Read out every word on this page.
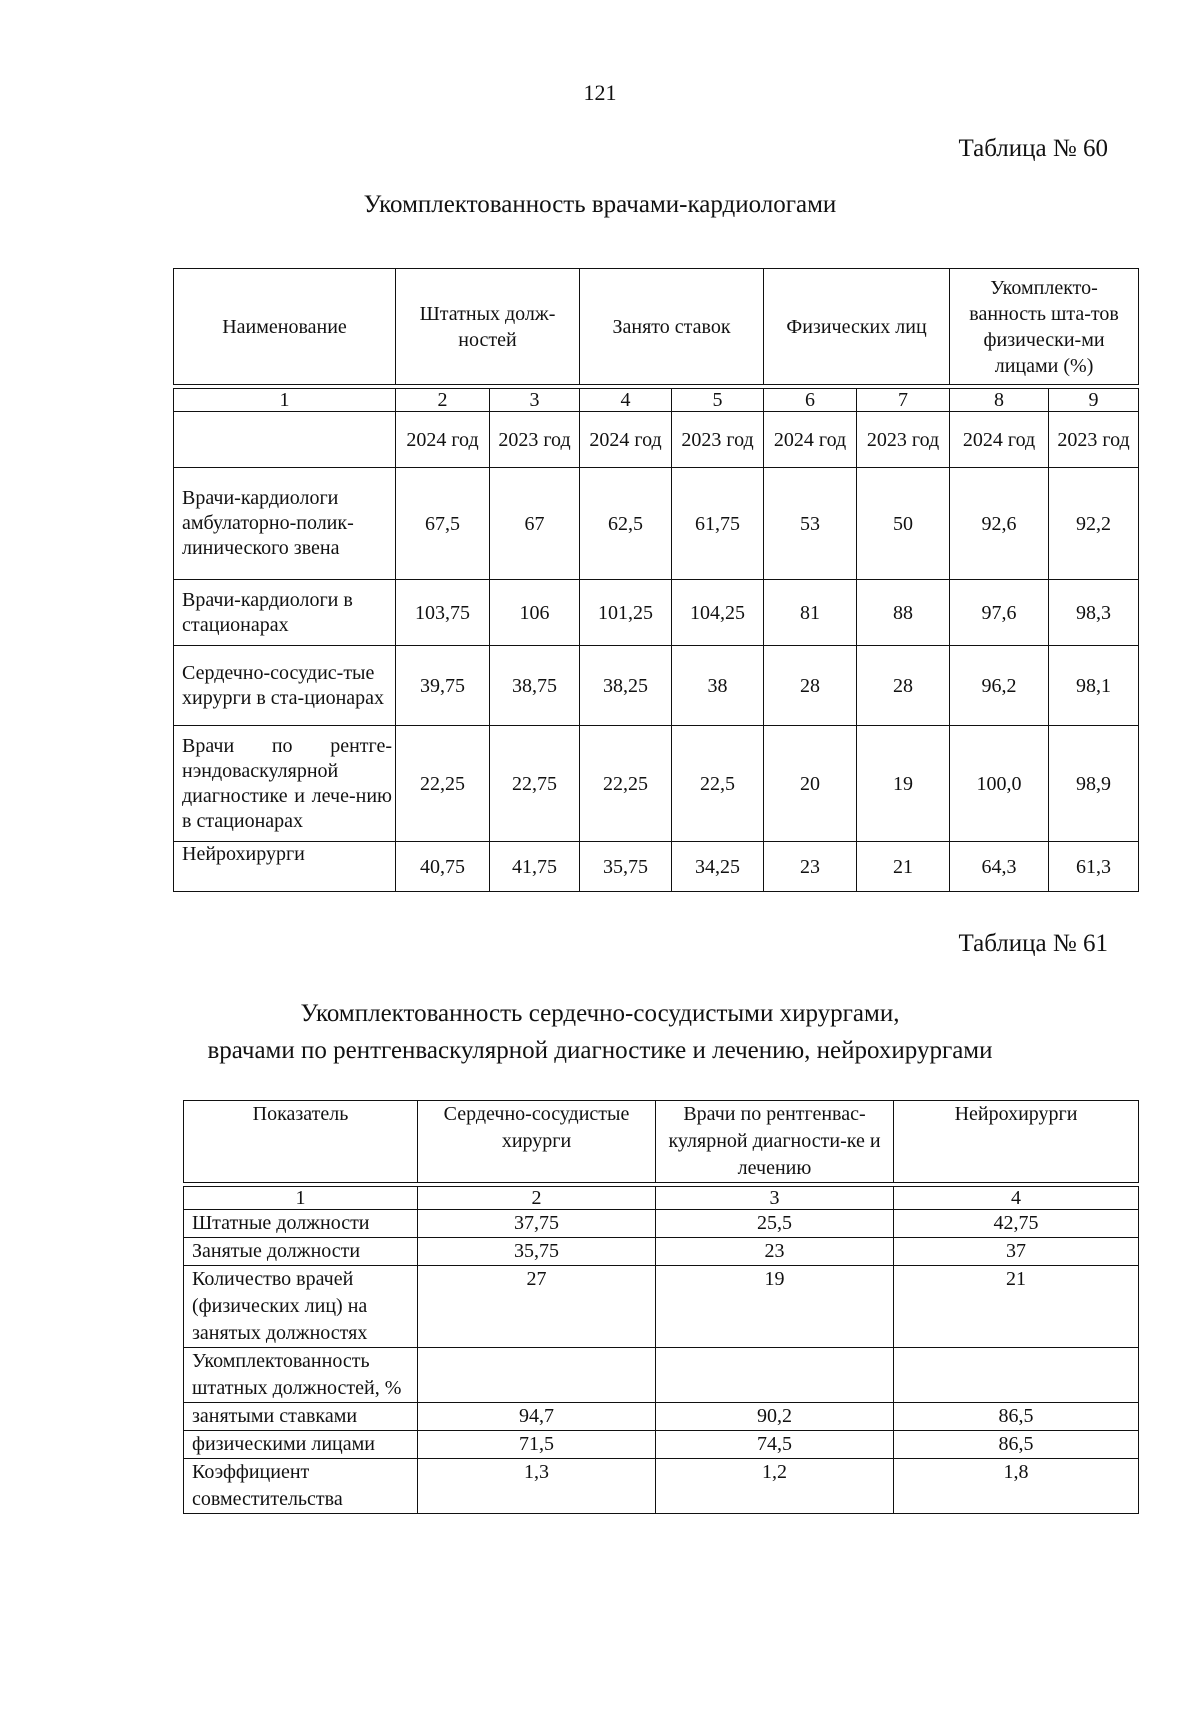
121
Таблица № 60
Укомплектованность врачами-кардиологами
Наименование	Штатных долж-ностей		Занято ставок		Физических лиц		Укомплекто-ванность шта-тов физически-ми лицами (%)	

1	2	3	4	5	6	7	8	9
	2024 год	2023 год	2024 год	2023 год	2024 год	2023 год	2024 год	2023 год
Врачи-кардиологи амбулаторно-полик-линического звена	67,5	67	62,5	61,75	53	50	92,6	92,2
Врачи-кардиологи в стационарах	103,75	106	101,25	104,25	81	88	97,6	98,3
Сердечно-сосудис-тые хирурги в ста-ционарах	39,75	38,75	38,25	38	28	28	96,2	98,1
Врачи по рентге-нэндоваскулярной диагностике и лече-нию в стационарах	22,25	22,75	22,25	22,5	20	19	100,0	98,9
Нейрохирурги	40,75	41,75	35,75	34,25	23	21	64,3	61,3
Таблица № 61
Укомплектованность сердечно-сосудистыми хирургами,
врачами по рентгенваскулярной диагностике и лечению, нейрохирургами
Показатель	Сердечно-сосудистые хирурги	Врачи по рентгенвас-кулярной диагности-ке и лечению	Нейрохирурги

1	2	3	4
Штатные должности	37,75	25,5	42,75
Занятые должности	35,75	23	37
Количество врачей (физических лиц) на занятых должностях	27	19	21
Укомплектованность штатных должностей, %			
занятыми ставками	94,7	90,2	86,5
физическими лицами	71,5	74,5	86,5
Коэффициент совместительства	1,3	1,2	1,8
